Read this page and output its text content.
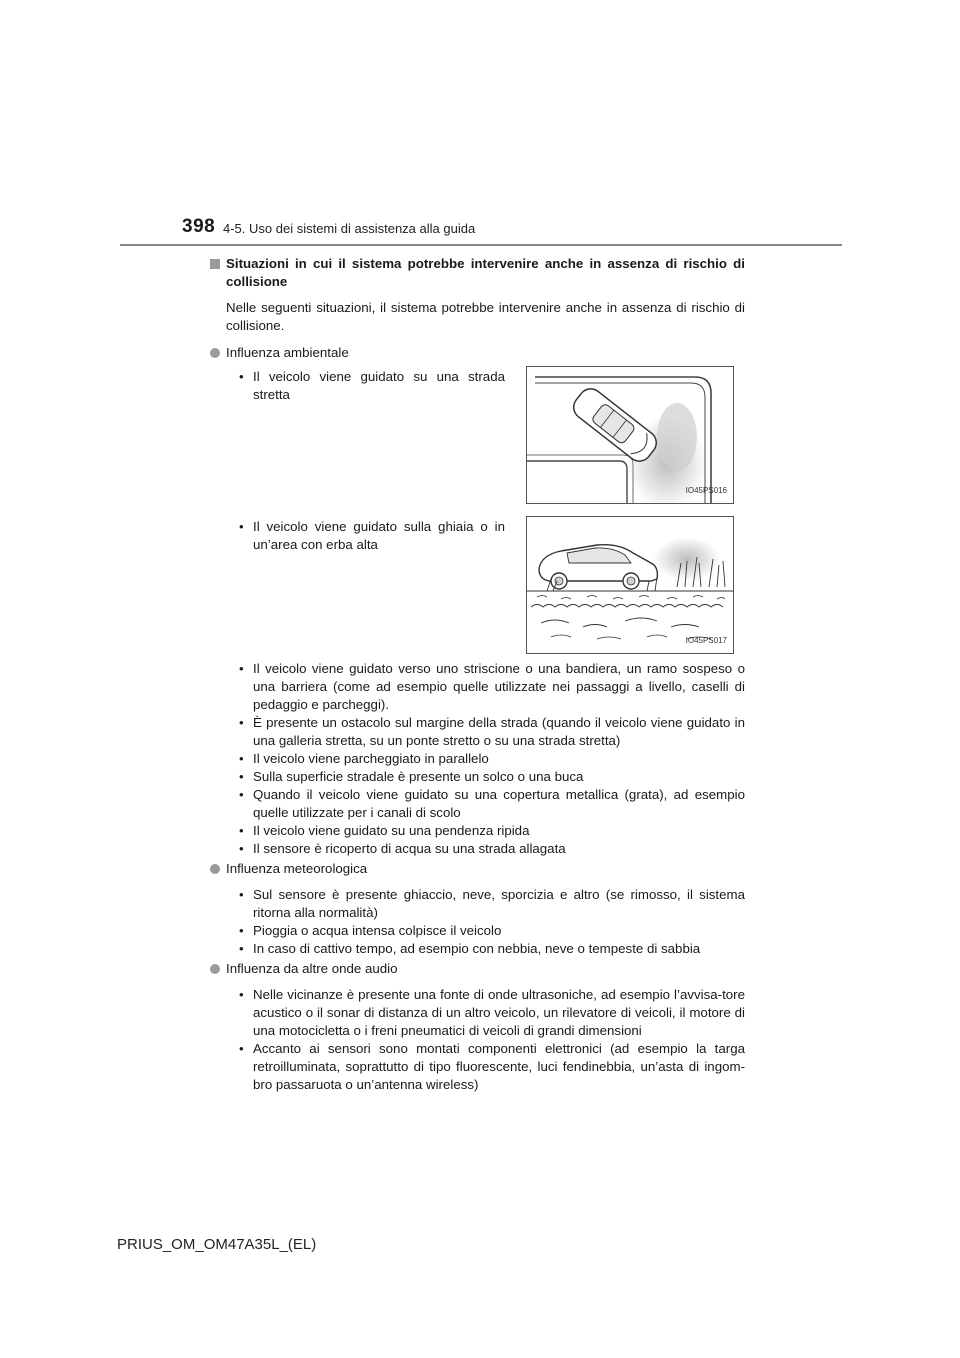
398 4-5. Uso dei sistemi di assistenza alla guida
Situazioni in cui il sistema potrebbe intervenire anche in assenza di rischio di collisione
Nelle seguenti situazioni, il sistema potrebbe intervenire anche in assenza di rischio di collisione.
Influenza ambientale
• Il veicolo viene guidato su una strada stretta
IO45PS016
• Il veicolo viene guidato sulla ghiaia o in un’area con erba alta
IO45PS017
• Il veicolo viene guidato verso uno striscione o una bandiera, un ramo sospeso o una barriera (come ad esempio quelle utilizzate nei passaggi a livello, caselli di pedaggio e parcheggi).
• È presente un ostacolo sul margine della strada (quando il veicolo viene guidato in una galleria stretta, su un ponte stretto o su una strada stretta)
• Il veicolo viene parcheggiato in parallelo
• Sulla superficie stradale è presente un solco o una buca
• Quando il veicolo viene guidato su una copertura metallica (grata), ad esempio quelle utilizzate per i canali di scolo
• Il veicolo viene guidato su una pendenza ripida
• Il sensore è ricoperto di acqua su una strada allagata
Influenza meteorologica
• Sul sensore è presente ghiaccio, neve, sporcizia e altro (se rimosso, il sistema ritorna alla normalità)
• Pioggia o acqua intensa colpisce il veicolo
• In caso di cattivo tempo, ad esempio con nebbia, neve o tempeste di sabbia
Influenza da altre onde audio
• Nelle vicinanze è presente una fonte di onde ultrasoniche, ad esempio l’avvisa-tore acustico o il sonar di distanza di un altro veicolo, un rilevatore di veicoli, il motore di una motocicletta o i freni pneumatici di veicoli di grandi dimensioni
• Accanto ai sensori sono montati componenti elettronici (ad esempio la targa retroilluminata, soprattutto di tipo fluorescente, luci fendinebbia, un’asta di ingom-bro passaruota o un’antenna wireless)
PRIUS_OM_OM47A35L_(EL)
